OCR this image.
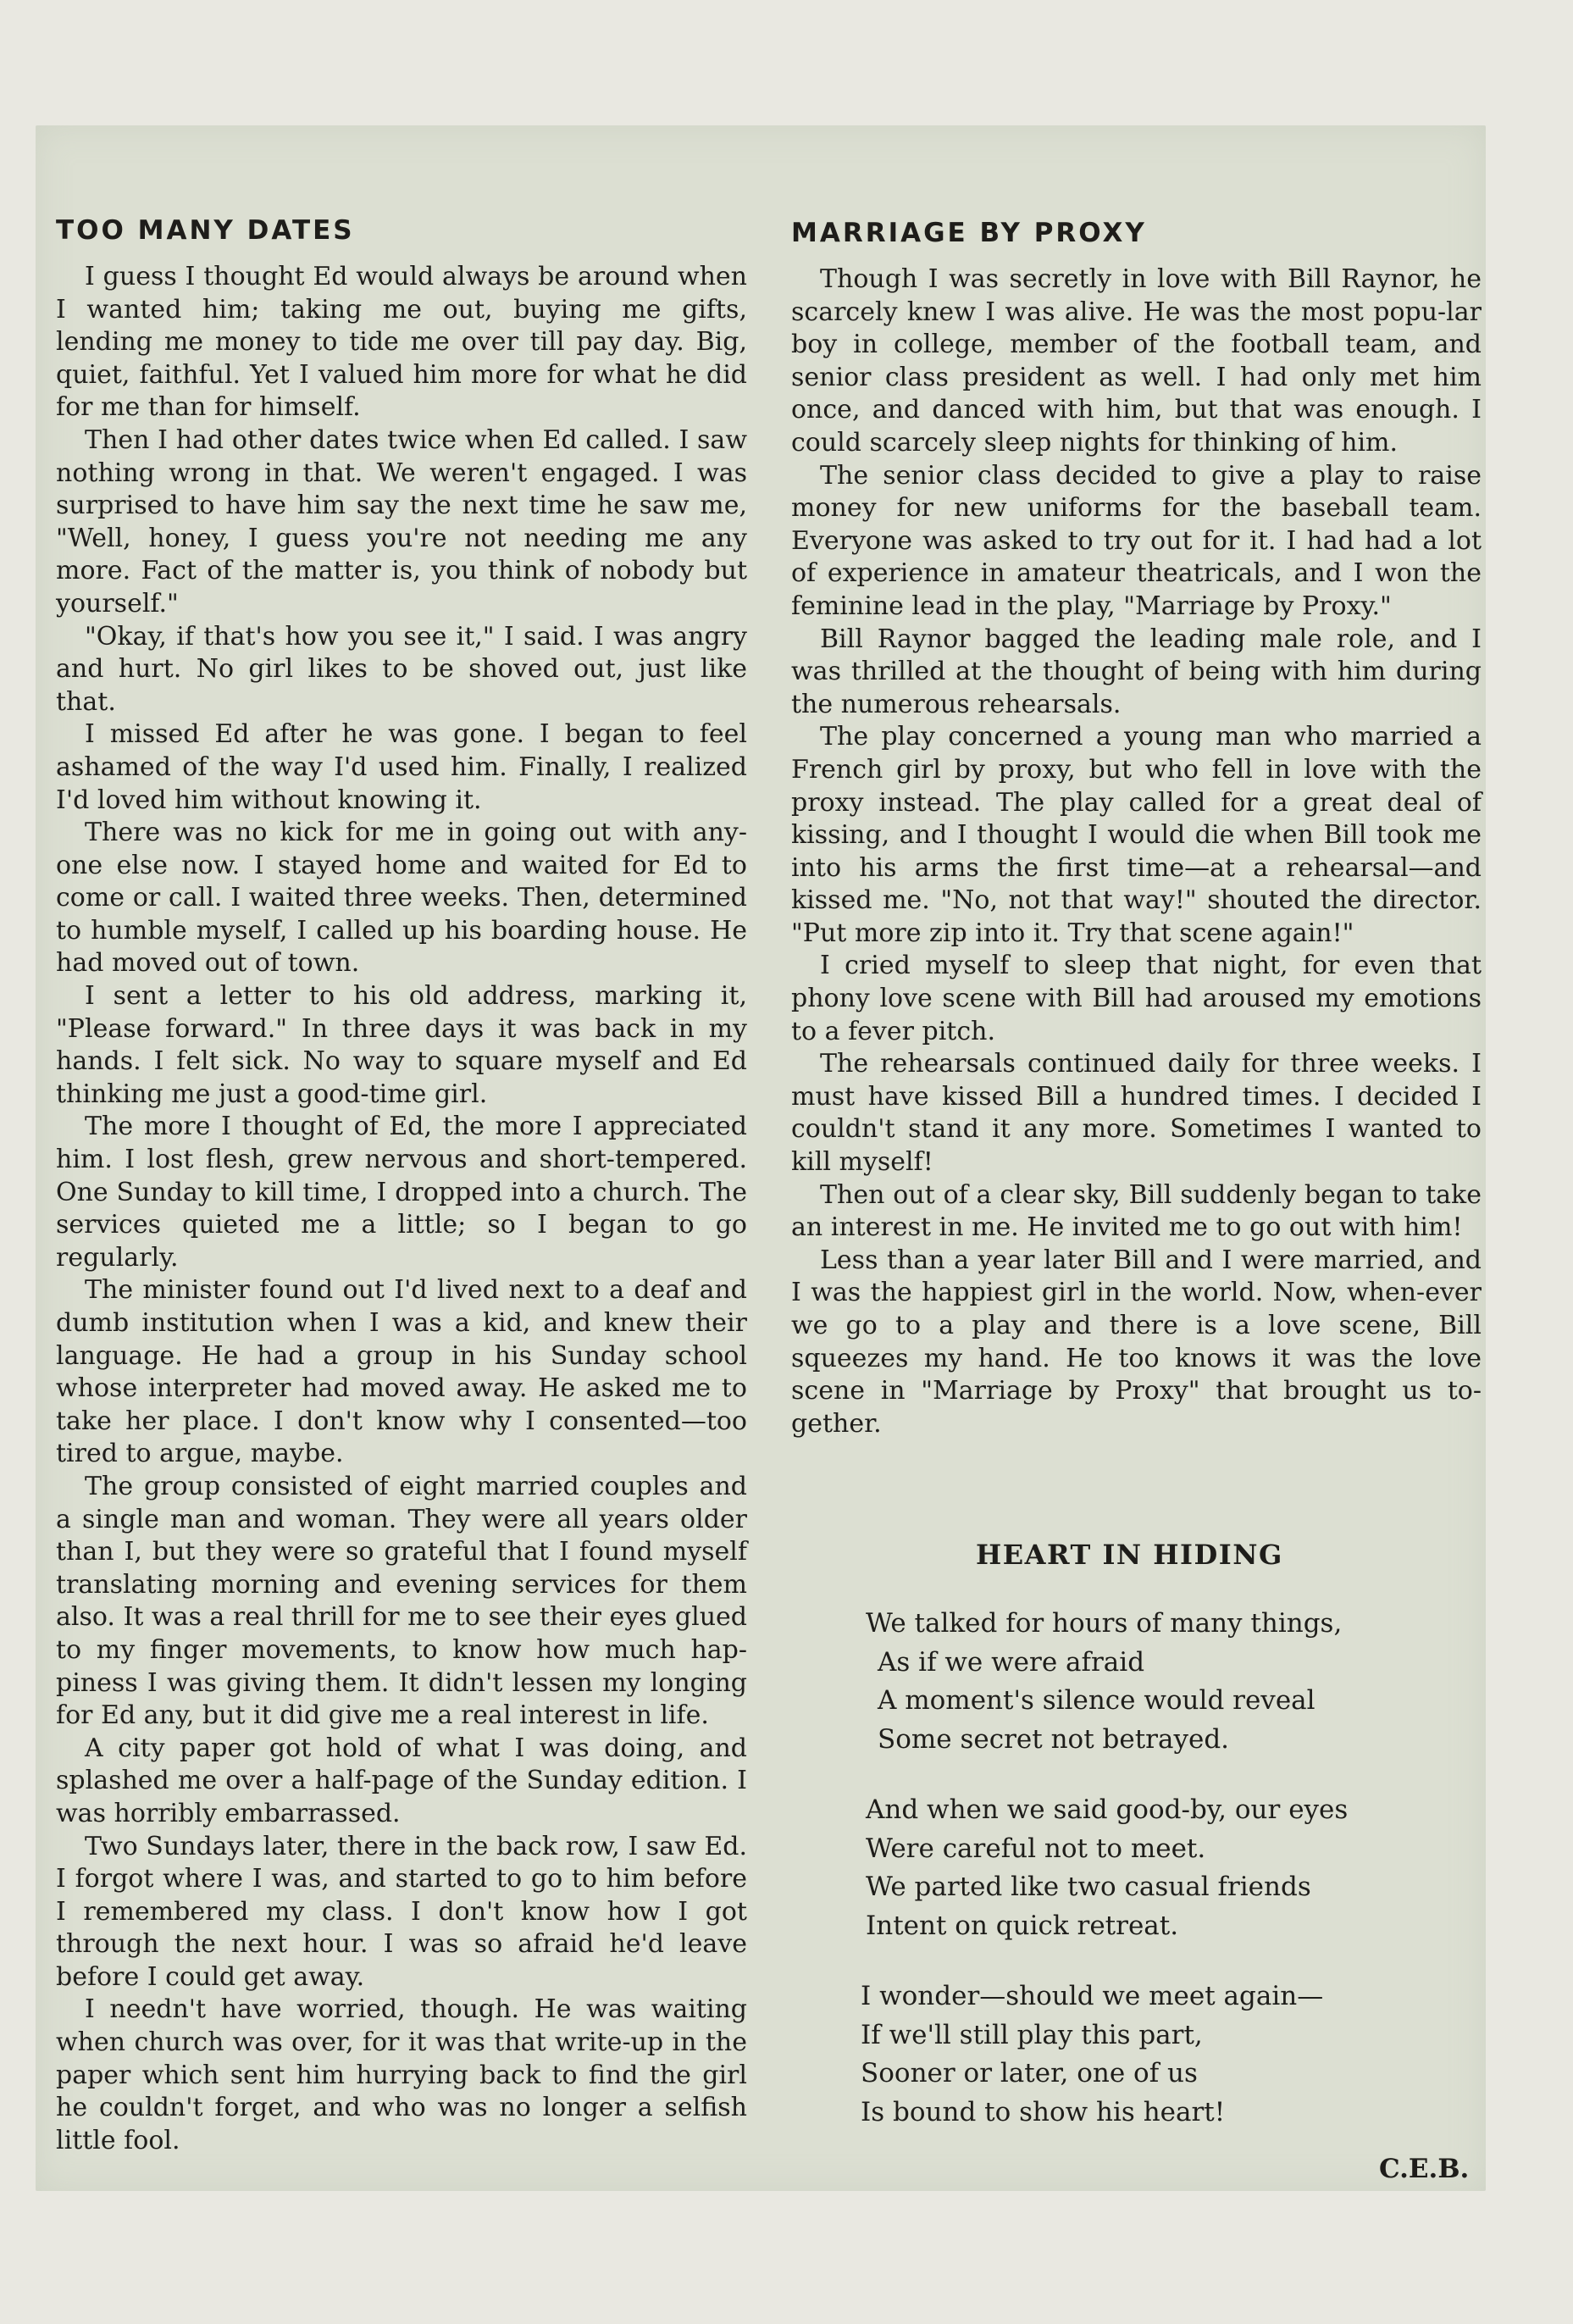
TOO MANY DATES

I guess I thought Ed would always be around when I wanted him; taking me out, buying me gifts, lending me money to tide me over till pay day. Big, quiet, faithful. Yet I valued him more for what he did for me than for himself.

Then I had other dates twice when Ed called. I saw nothing wrong in that. We weren't engaged. I was surprised to have him say the next time he saw me, "Well, honey, I guess you're not needing me any more. Fact of the matter is, you think of nobody but yourself."

"Okay, if that's how you see it," I said. I was angry and hurt. No girl likes to be shoved out, just like that.

I missed Ed after he was gone. I began to feel ashamed of the way I'd used him. Finally, I realized I'd loved him without knowing it.

There was no kick for me in going out with any-one else now. I stayed home and waited for Ed to come or call. I waited three weeks. Then, determined to humble myself, I called up his boarding house. He had moved out of town.

I sent a letter to his old address, marking it, "Please forward." In three days it was back in my hands. I felt sick. No way to square myself and Ed thinking me just a good-time girl.

The more I thought of Ed, the more I appreciated him. I lost flesh, grew nervous and short-tempered. One Sunday to kill time, I dropped into a church. The services quieted me a little; so I began to go regularly.

The minister found out I'd lived next to a deaf and dumb institution when I was a kid, and knew their language. He had a group in his Sunday school whose interpreter had moved away. He asked me to take her place. I don't know why I consented—too tired to argue, maybe.

The group consisted of eight married couples and a single man and woman. They were all years older than I, but they were so grateful that I found myself translating morning and evening services for them also. It was a real thrill for me to see their eyes glued to my finger movements, to know how much hap-piness I was giving them. It didn't lessen my longing for Ed any, but it did give me a real interest in life.

A city paper got hold of what I was doing, and splashed me over a half-page of the Sunday edition. I was horribly embarrassed.

Two Sundays later, there in the back row, I saw Ed. I forgot where I was, and started to go to him before I remembered my class. I don't know how I got through the next hour. I was so afraid he'd leave before I could get away.

I needn't have worried, though. He was waiting when church was over, for it was that write-up in the paper which sent him hurrying back to find the girl he couldn't forget, and who was no longer a selfish little fool.

MARRIAGE BY PROXY

Though I was secretly in love with Bill Raynor, he scarcely knew I was alive. He was the most popu-lar boy in college, member of the football team, and senior class president as well. I had only met him once, and danced with him, but that was enough. I could scarcely sleep nights for thinking of him.

The senior class decided to give a play to raise money for new uniforms for the baseball team. Everyone was asked to try out for it. I had had a lot of experience in amateur theatricals, and I won the feminine lead in the play, "Marriage by Proxy."

Bill Raynor bagged the leading male role, and I was thrilled at the thought of being with him during the numerous rehearsals.

The play concerned a young man who married a French girl by proxy, but who fell in love with the proxy instead. The play called for a great deal of kissing, and I thought I would die when Bill took me into his arms the first time—at a rehearsal—and kissed me. "No, not that way!" shouted the director. "Put more zip into it. Try that scene again!"

I cried myself to sleep that night, for even that phony love scene with Bill had aroused my emotions to a fever pitch.

The rehearsals continued daily for three weeks. I must have kissed Bill a hundred times. I decided I couldn't stand it any more. Sometimes I wanted to kill myself!

Then out of a clear sky, Bill suddenly began to take an interest in me. He invited me to go out with him!

Less than a year later Bill and I were married, and I was the happiest girl in the world. Now, when-ever we go to a play and there is a love scene, Bill squeezes my hand. He too knows it was the love scene in "Marriage by Proxy" that brought us to-gether.

HEART IN HIDING
We talked for hours of many things,
As if we were afraid
A moment's silence would reveal
Some secret not betrayed.
And when we said good-by, our eyes
Were careful not to meet.
We parted like two casual friends
Intent on quick retreat.
I wonder—should we meet again—
If we'll still play this part,
Sooner or later, one of us
Is bound to show his heart!
C.E.B.
